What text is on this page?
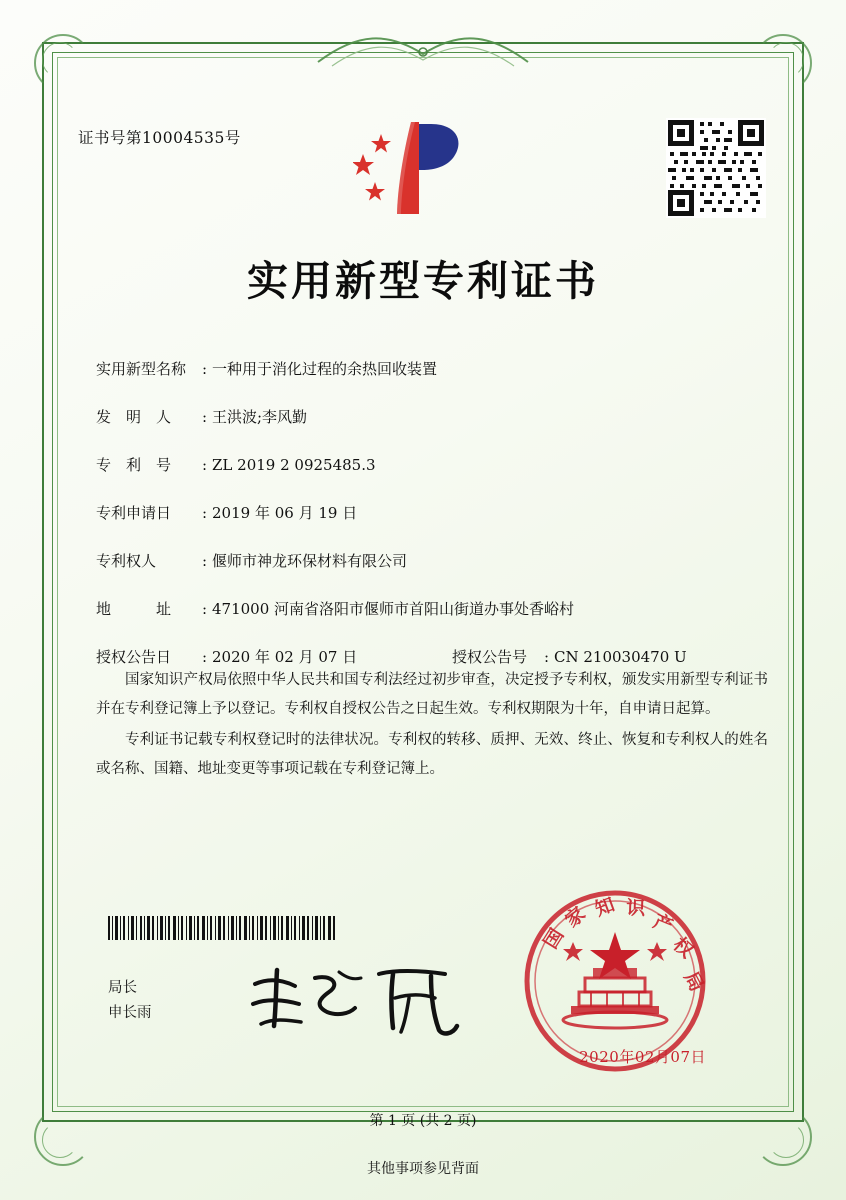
证书号第10004535号
实用新型专利证书
实用新型名称	: 一种用于消化过程的余热回收装置
发　明　人	: 王洪波;李风勤
专　利　号	: ZL 2019 2 0925485.3
专利申请日	: 2019 年 06 月 19 日
专利权人	: 偃师市神龙环保材料有限公司
地　　　址	: 471000 河南省洛阳市偃师市首阳山街道办事处香峪村
授权公告日	: 2020 年 02 月 07 日	授权公告号	: CN 210030470 U

国家知识产权局依照中华人民共和国专利法经过初步审查，决定授予专利权，颁发实用新型专利证书并在专利登记簿上予以登记。专利权自授权公告之日起生效。专利权期限为十年，自申请日起算。

专利证书记载专利权登记时的法律状况。专利权的转移、质押、无效、终止、恢复和专利权人的姓名或名称、国籍、地址变更等事项记载在专利登记簿上。

局长
申长雨
国
家 知 识
产
权
局
2020年02月07日
第 1 页 (共 2 页)
其他事项参见背面
